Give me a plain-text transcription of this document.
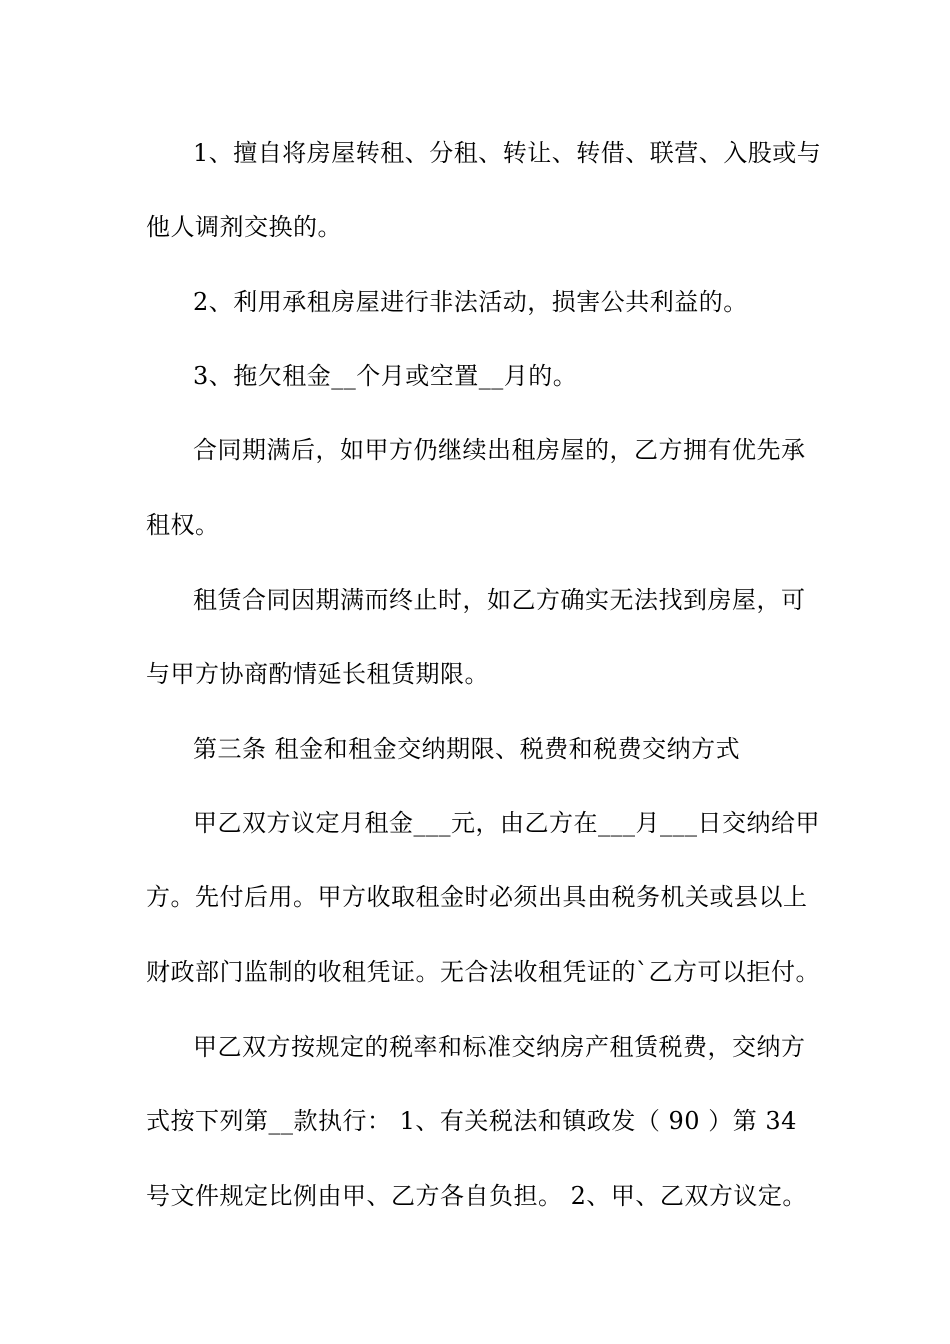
1、擅自将房屋转租、分租、转让、转借、联营、入股或与
他人调剂交换的。
2、利用承租房屋进行非法活动，损害公共利益的。
3、拖欠租金__个月或空置__月的。
合同期满后，如甲方仍继续出租房屋的，乙方拥有优先承
租权。
租赁合同因期满而终止时，如乙方确实无法找到房屋，可
与甲方协商酌情延长租赁期限。
第三条 租金和租金交纳期限、税费和税费交纳方式
甲乙双方议定月租金___元，由乙方在___月___日交纳给甲
方。先付后用。甲方收取租金时必须出具由税务机关或县以上
财政部门监制的收租凭证。无合法收租凭证的`乙方可以拒付。
甲乙双方按规定的税率和标准交纳房产租赁税费，交纳方
式按下列第__款执行： 1、有关税法和镇政发（ 90 ）第 34
号文件规定比例由甲、乙方各自负担。 2、甲、乙双方议定。
